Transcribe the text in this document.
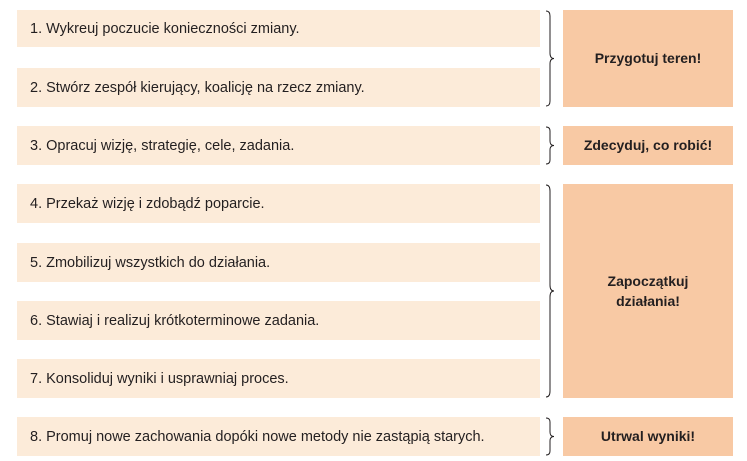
1. Wykreuj poczucie konieczności zmiany.
2. Stwórz zespół kierujący, koalicję na rzecz zmiany.
3. Opracuj wizję, strategię, cele, zadania.
4. Przekaż wizję i zdobądź poparcie.
5. Zmobilizuj wszystkich do działania.
6. Stawiaj i realizuj krótkoterminowe zadania.
7. Konsoliduj wyniki i usprawniaj proces.
8. Promuj nowe zachowania dopóki nowe metody nie zastąpią starych.
Przygotuj teren!
Zdecyduj, co robić!
Zapoczątkuj działania!
Utrwal wyniki!
